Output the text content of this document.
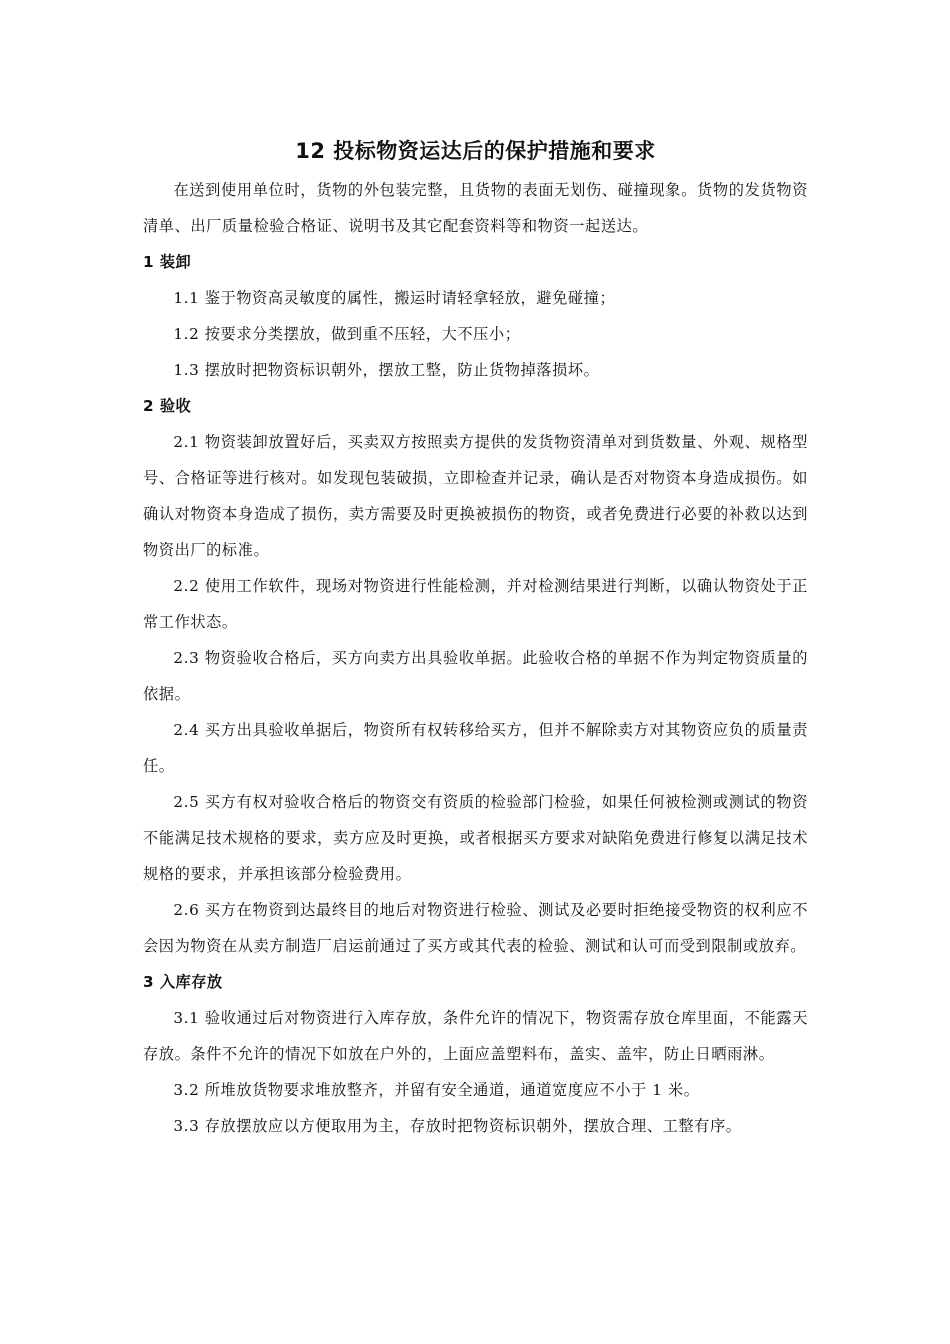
12 投标物资运达后的保护措施和要求

在送到使用单位时，货物的外包装完整，且货物的表面无划伤、碰撞现象。货物的发货物资清单、出厂质量检验合格证、说明书及其它配套资料等和物资一起送达。

1 装卸

1.1 鉴于物资高灵敏度的属性，搬运时请轻拿轻放，避免碰撞；

1.2 按要求分类摆放，做到重不压轻，大不压小；

1.3 摆放时把物资标识朝外，摆放工整，防止货物掉落损坏。

2 验收

2.1 物资装卸放置好后，买卖双方按照卖方提供的发货物资清单对到货数量、外观、规格型号、合格证等进行核对。如发现包装破损，立即检查并记录，确认是否对物资本身造成损伤。如确认对物资本身造成了损伤，卖方需要及时更换被损伤的物资，或者免费进行必要的补救以达到物资出厂的标准。

2.2 使用工作软件，现场对物资进行性能检测，并对检测结果进行判断，以确认物资处于正常工作状态。

2.3 物资验收合格后，买方向卖方出具验收单据。此验收合格的单据不作为判定物资质量的依据。

2.4 买方出具验收单据后，物资所有权转移给买方，但并不解除卖方对其物资应负的质量责任。

2.5 买方有权对验收合格后的物资交有资质的检验部门检验，如果任何被检测或测试的物资不能满足技术规格的要求，卖方应及时更换，或者根据买方要求对缺陷免费进行修复以满足技术规格的要求，并承担该部分检验费用。

2.6 买方在物资到达最终目的地后对物资进行检验、测试及必要时拒绝接受物资的权利应不会因为物资在从卖方制造厂启运前通过了买方或其代表的检验、测试和认可而受到限制或放弃。

3 入库存放

3.1 验收通过后对物资进行入库存放，条件允许的情况下，物资需存放仓库里面，不能露天存放。条件不允许的情况下如放在户外的，上面应盖塑料布，盖实、盖牢，防止日晒雨淋。

3.2 所堆放货物要求堆放整齐，并留有安全通道，通道宽度应不小于 1 米。

3.3 存放摆放应以方便取用为主，存放时把物资标识朝外，摆放合理、工整有序。
